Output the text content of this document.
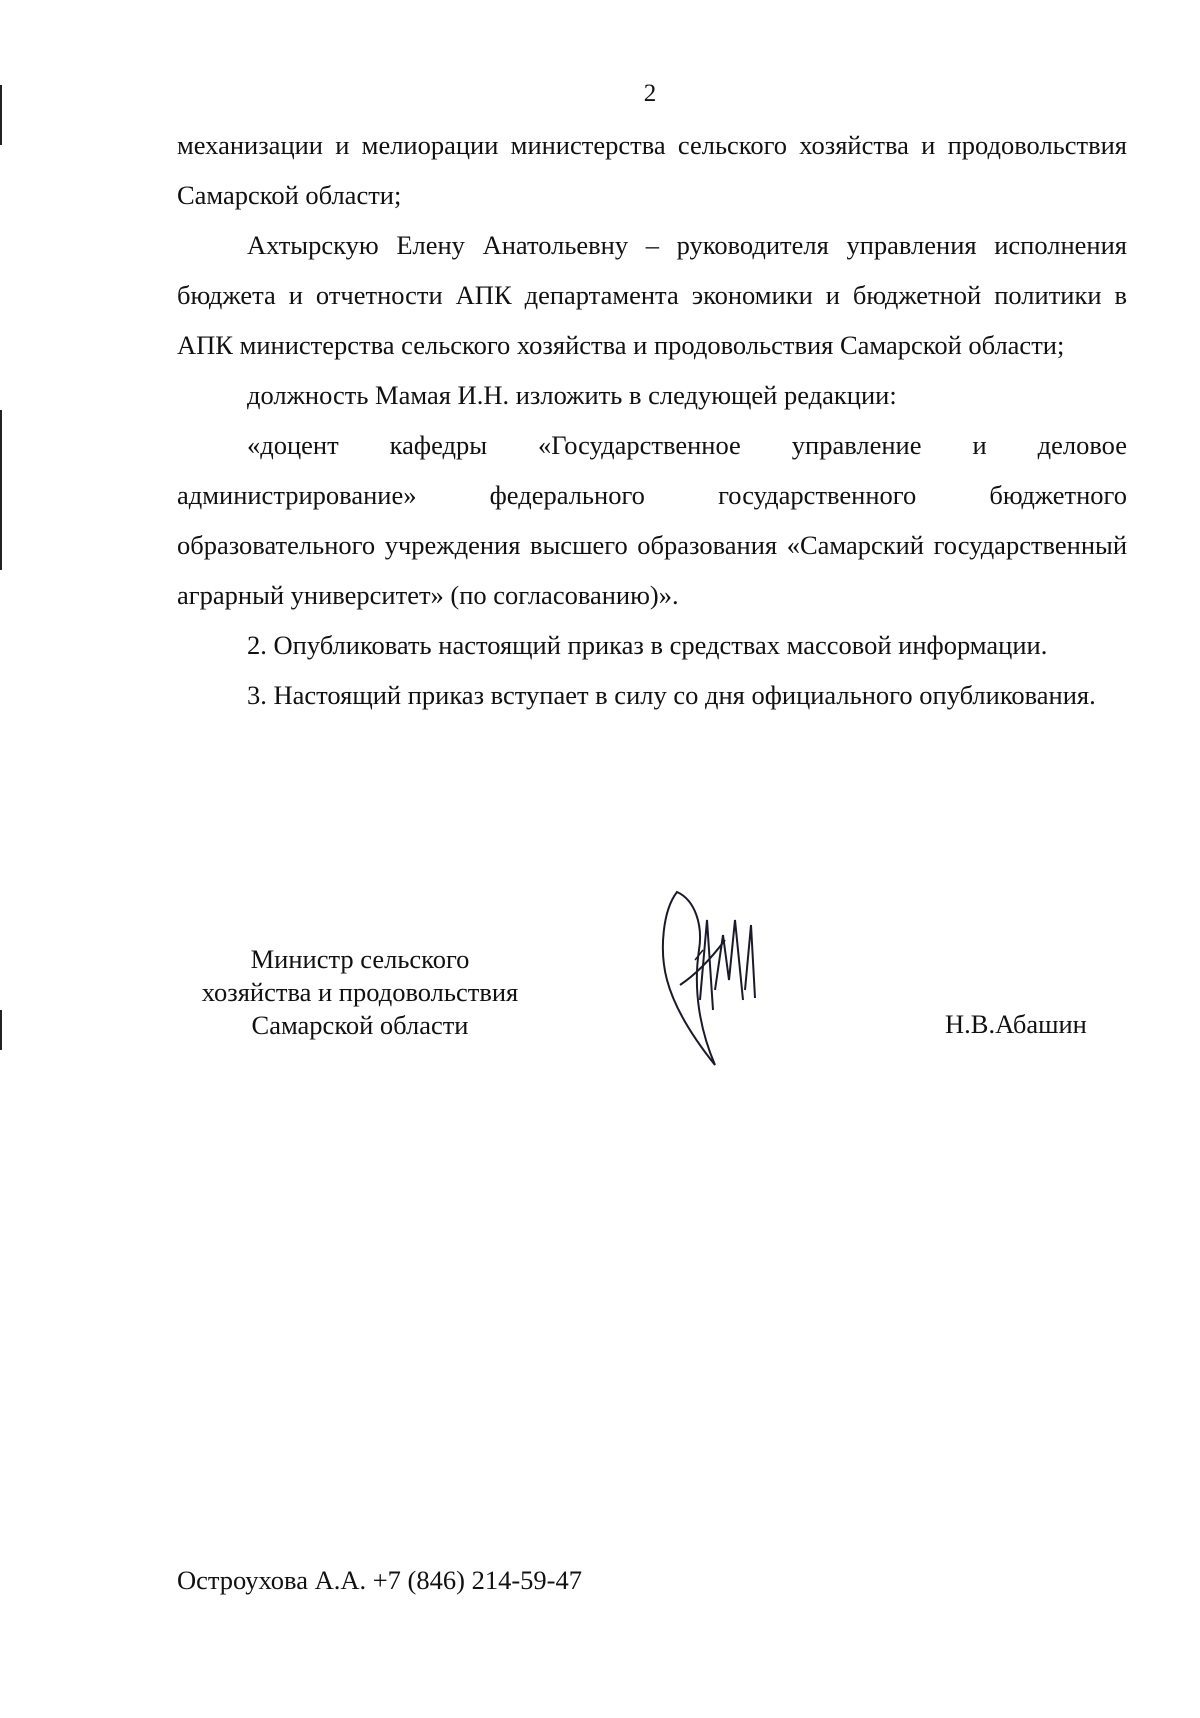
2

механизации и мелиорации министерства сельского хозяйства и продовольствия Самарской области;

Ахтырскую Елену Анатольевну – руководителя управления исполнения бюджета и отчетности АПК департамента экономики и бюджетной политики в АПК министерства сельского хозяйства и продовольствия Самарской области;

должность Мамая И.Н. изложить в следующей редакции:

«доцент кафедры «Государственное управление и деловое администрирование» федерального государственного бюджетного образовательного учреждения высшего образования «Самарский государственный аграрный университет» (по согласованию)».

2. Опубликовать настоящий приказ в средствах массовой информации.

3. Настоящий приказ вступает в силу со дня официального опубликования.

Министр сельского
хозяйства и продовольствия
Самарской области	Н.В.Абашин
Остроухова А.А. +7 (846) 214-59-47
